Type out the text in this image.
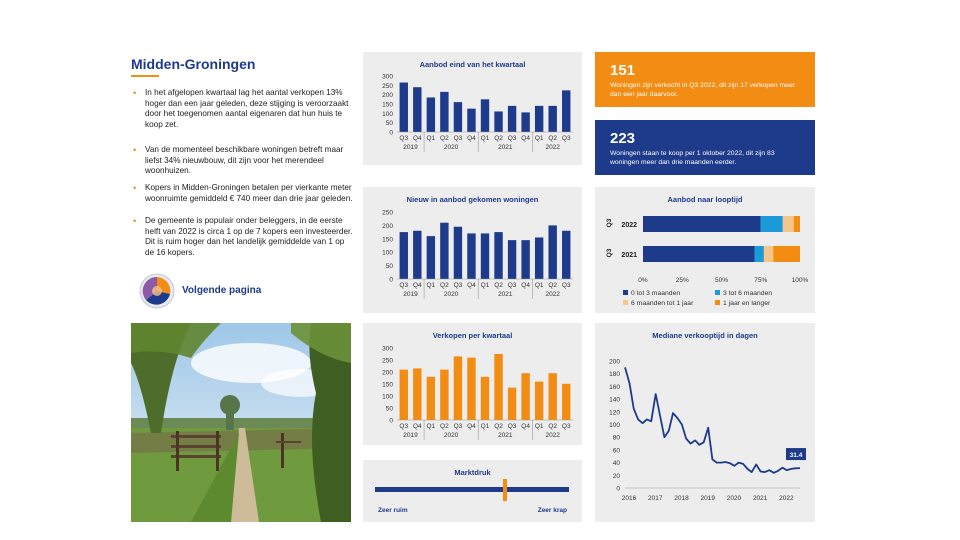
Midden-Groningen
• In het afgelopen kwartaal lag het aantal verkopen 13% hoger dan een jaar geleden, deze stijging is veroorzaakt door het toegenomen aantal eigenaren dat hun huis te koop zet.
• Van de momenteel beschikbare woningen betreft maar liefst 34% nieuwbouw, dit zijn voor het merendeel woonhuizen.
• Kopers in Midden-Groningen betalen per vierkante meter woonruimte gemiddeld € 740 meer dan drie jaar geleden.
• De gemeente is populair onder beleggers, in de eerste helft van 2022 is circa 1 op de 7 kopers een investeerder. Dit is ruim hoger dan het landelijk gemiddelde van 1 op de 16 kopers.
Volgende pagina
Aanbod eind van het kwartaal
0
50
100
150
200
250
300
Q3 Q4 Q1 Q2 Q3 Q4 Q1 Q2 Q3 Q4 Q1 Q2 Q3
2019	2020	2021	2022
Nieuw in aanbod gekomen woningen
0
50
100
150
200
250
Q3 Q4 Q1 Q2 Q3 Q4 Q1 Q2 Q3 Q4 Q1 Q2 Q3
2019	2020	2021	2022
Verkopen per kwartaal
0
50
100
150
200
250
300
Q3 Q4 Q1 Q2 Q3 Q4 Q1 Q2 Q3 Q4 Q1 Q2 Q3
2019	2020	2021	2022
Marktdruk
Zeer ruim	Zeer krap
151
Woningen zijn verkocht in Q3 2022, dit zijn 17 verkopen meer dan een jaar daarvoor.
223
Woningen staan te koop per 1 oktober 2022, dit zijn 83 woningen meer dan drie maanden eerder.
Aanbod naar looptijd
Q3 2022
Q3 2021
0%	25%	50%	75%	100%
0 tot 3 maanden	3 tot 6 maanden
6 maanden tot 1 jaar	1 jaar en langer
Mediane verkooptijd in dagen
0
20
40
60
80
100
120
140
160
180
200
2016 2017 2018 2019 2020 2021 2022
31.4
